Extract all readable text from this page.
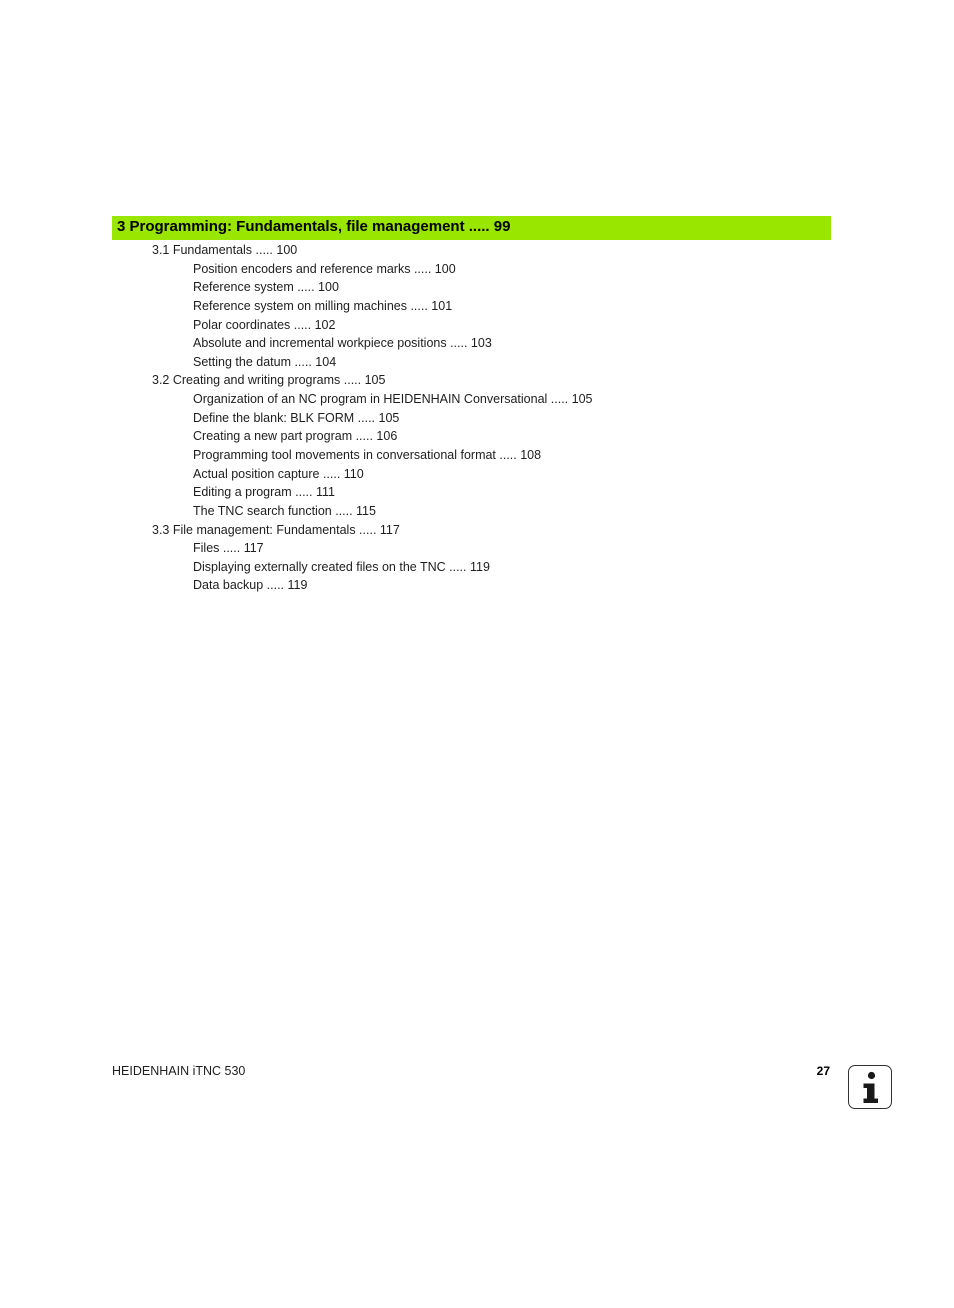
3 Programming: Fundamentals, file management ..... 99
3.1 Fundamentals ..... 100
Position encoders and reference marks ..... 100
Reference system ..... 100
Reference system on milling machines ..... 101
Polar coordinates ..... 102
Absolute and incremental workpiece positions ..... 103
Setting the datum ..... 104
3.2 Creating and writing programs ..... 105
Organization of an NC program in HEIDENHAIN Conversational ..... 105
Define the blank: BLK FORM ..... 105
Creating a new part program ..... 106
Programming tool movements in conversational format ..... 108
Actual position capture ..... 110
Editing a program ..... 111
The TNC search function ..... 115
3.3 File management: Fundamentals ..... 117
Files ..... 117
Displaying externally created files on the TNC ..... 119
Data backup ..... 119
HEIDENHAIN iTNC 530	27
